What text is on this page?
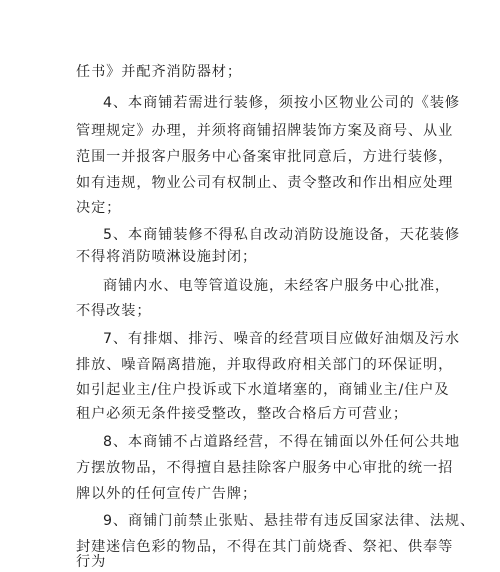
任书》并配齐消防器材；
4、本商铺若需进行装修，须按小区物业公司的《装修
管理规定》办理，并须将商铺招牌装饰方案及商号、从业
范围一并报客户服务中心备案审批同意后，方进行装修，
如有违规，物业公司有权制止、责令整改和作出相应处理
决定；
5、本商铺装修不得私自改动消防设施设备，天花装修
不得将消防喷淋设施封闭；
商铺内水、电等管道设施，未经客户服务中心批准，
不得改装；
7、有排烟、排污、噪音的经营项目应做好油烟及污水
排放、噪音隔离措施，并取得政府相关部门的环保证明，
如引起业主/住户投诉或下水道堵塞的，商铺业主/住户及
租户必须无条件接受整改，整改合格后方可营业；
8、本商铺不占道路经营，不得在铺面以外任何公共地
方摆放物品，不得擅自悬挂除客户服务中心审批的统一招
牌以外的任何宣传广告牌；
9、商铺门前禁止张贴、悬挂带有违反国家法律、法规、
封建迷信色彩的物品，不得在其门前烧香、祭祀、供奉等
行为
